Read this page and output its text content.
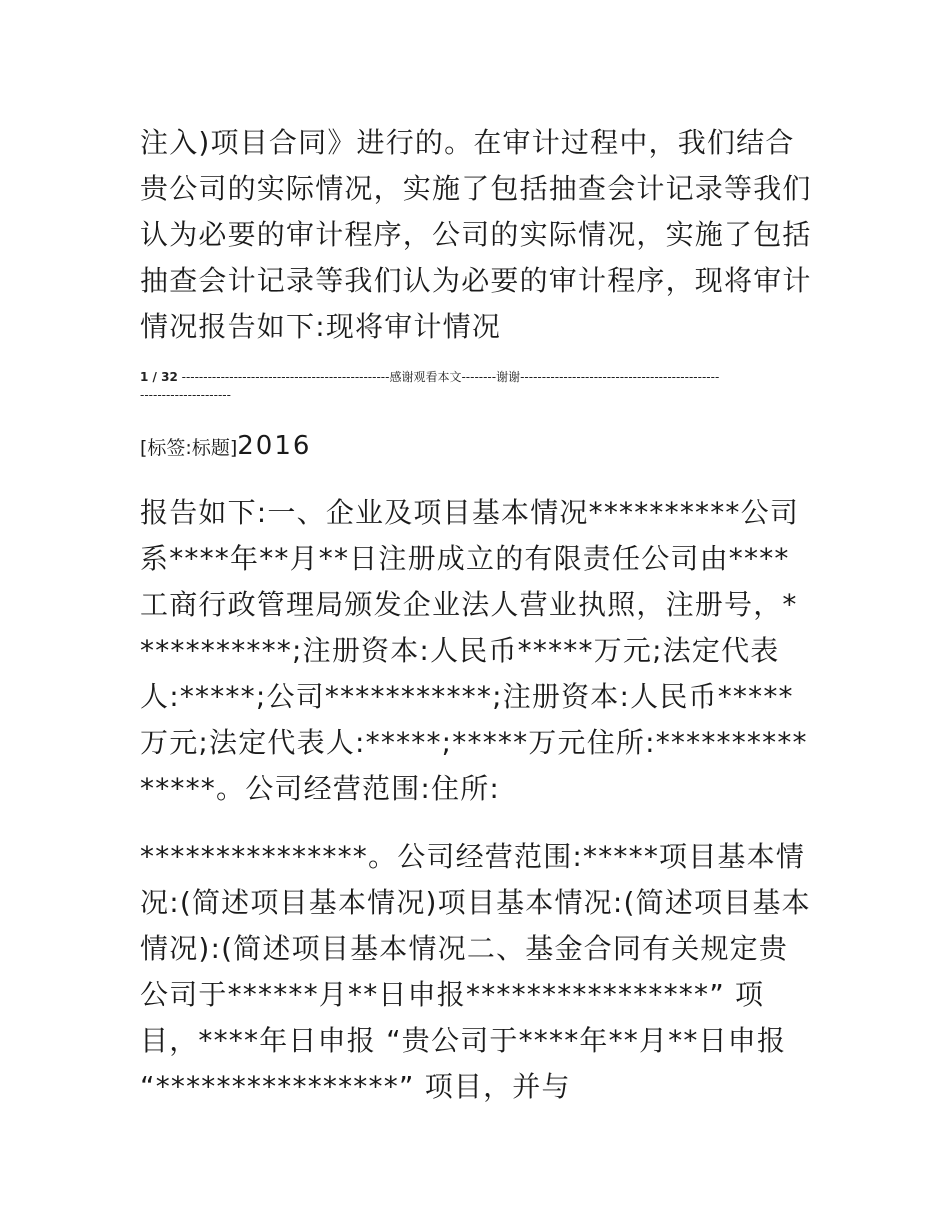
注入)项目合同》进行的。在审计过程中，我们结合贵公司的实际情况，实施了包括抽查会计记录等我们认为必要的审计程序，公司的实际情况，实施了包括抽查会计记录等我们认为必要的审计程序，现将审计情况报告如下:现将审计情况

1 / 32 ------------------------------------------------感谢观看本文--------谢谢-------------------------------------------------------------------
[标签:标题]2016

报告如下:一、企业及项目基本情况**********公司系****年**月**日注册成立的有限责任公司由****工商行政管理局颁发企业法人营业执照，注册号，***********;注册资本:人民币*****万元;法定代表人:*****;公司***********;注册资本:人民币*****万元;法定代表人:*****;*****万元住所:***************。公司经营范围:住所:

***************。公司经营范围:*****项目基本情况:(简述项目基本情况)项目基本情况:(简述项目基本情况):(简述项目基本情况二、基金合同有关规定贵公司于******月**日申报****************” 项目，****年日申报 “贵公司于****年**月**日申报 “****************” 项目，并与
